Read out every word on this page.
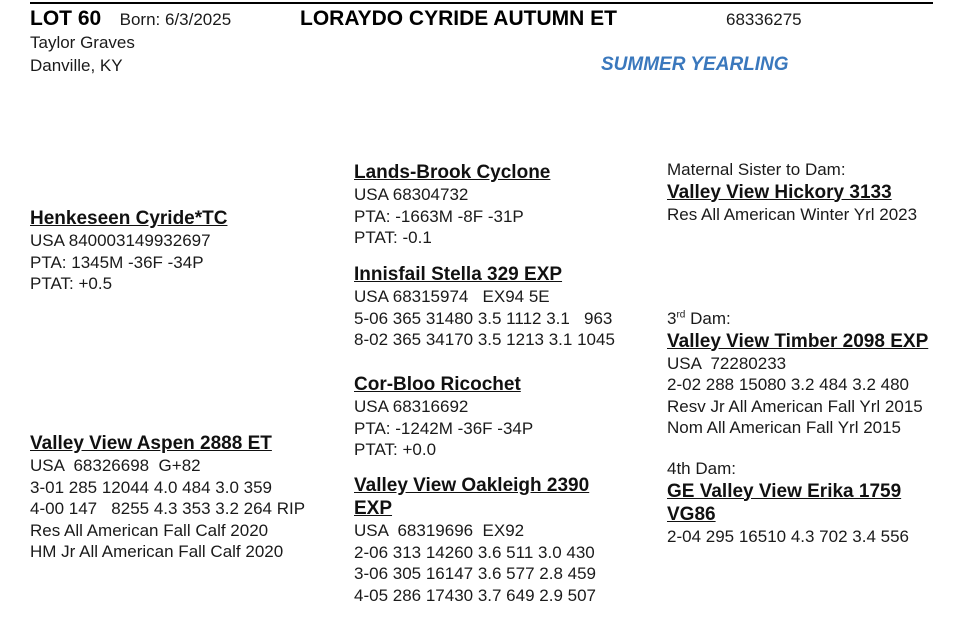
LOT 60 Born: 6/3/2025	LORAYDO CYRIDE AUTUMN ET	68336275
Taylor Graves
Danville, KY	SUMMER YEARLING
Henkeseen Cyride*TC
USA 840003149932697
PTA: 1345M -36F -34P
PTAT: +0.5
Lands-Brook Cyclone
USA 68304732
PTA: -1663M -8F -31P
PTAT: -0.1
Innisfail Stella 329 EXP
USA 68315974   EX94 5E
5-06 365 31480 3.5 1112 3.1   963
8-02 365 34170 3.5 1213 3.1 1045
Valley View Aspen 2888 ET
USA  68326698  G+82
3-01 285 12044 4.0 484 3.0 359
4-00 147   8255 4.3 353 3.2 264 RIP
Res All American Fall Calf 2020
HM Jr All American Fall Calf 2020
Cor-Bloo Ricochet
USA 68316692
PTA: -1242M -36F -34P
PTAT: +0.0
Valley View Oakleigh 2390
EXP
USA  68319696  EX92
2-06 313 14260 3.6 511 3.0 430
3-06 305 16147 3.6 577 2.8 459
4-05 286 17430 3.7 649 2.9 507
Maternal Sister to Dam:
Valley View Hickory 3133
Res All American Winter Yrl 2023
3rd Dam:
Valley View Timber 2098 EXP
USA  72280233
2-02 288 15080 3.2 484 3.2 480
Resv Jr All American Fall Yrl 2015
Nom All American Fall Yrl 2015
4th Dam:
GE Valley View Erika 1759
VG86
2-04 295 16510 4.3 702 3.4 556
